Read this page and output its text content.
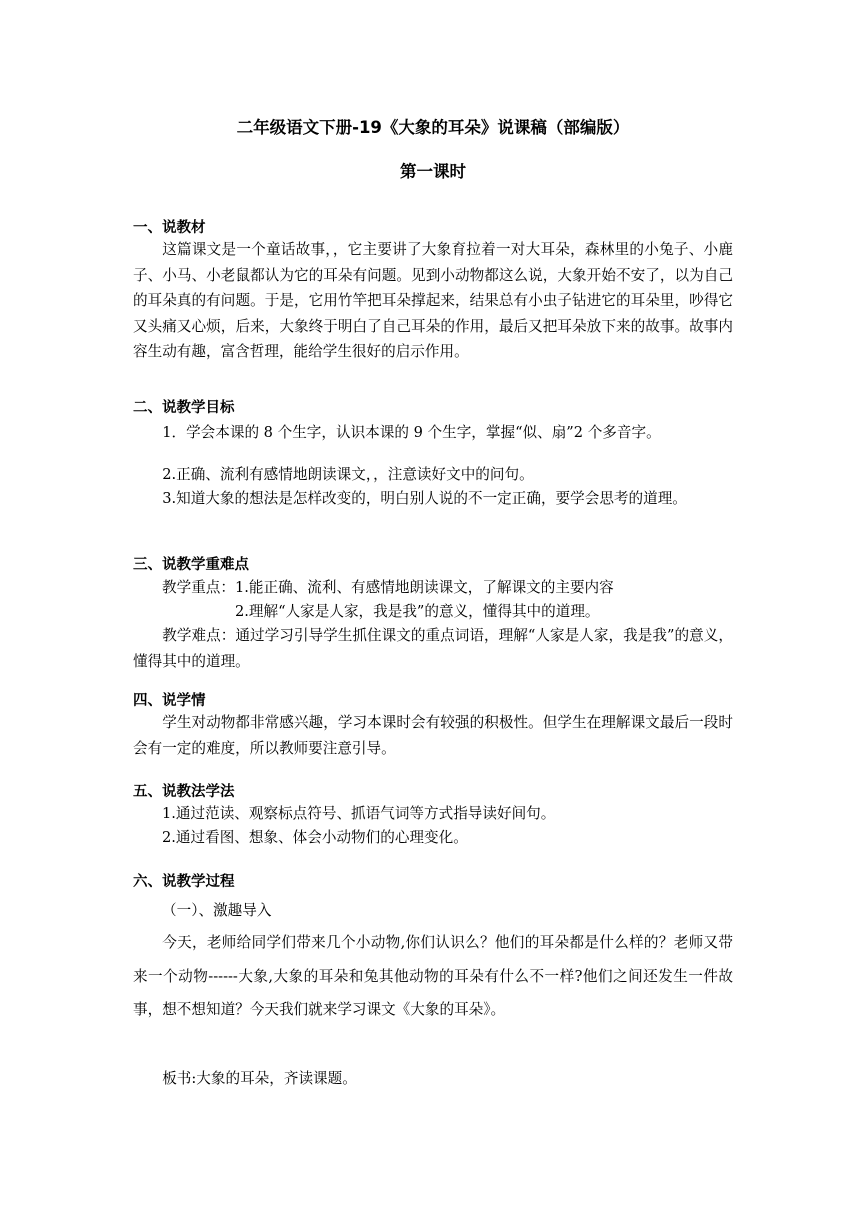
二年级语文下册-19《大象的耳朵》说课稿（部编版）
第一课时
一、说教材

这篇课文是一个童话故事，，它主要讲了大象育拉着一对大耳朵，森林里的小兔子、小鹿子、小马、小老鼠都认为它的耳朵有问题。见到小动物都这么说，大象开始不安了，以为自己的耳朵真的有问题。于是，它用竹竿把耳朵撑起来，结果总有小虫子钻进它的耳朵里，吵得它又头痛又心烦，后来，大象终于明白了自己耳朵的作用，最后又把耳朵放下来的故事。故事内容生动有趣，富含哲理，能给学生很好的启示作用。

二、说教学目标

1．学会本课的 8 个生字，认识本课的 9 个生字，掌握“似、扇”2 个多音字。

2.正确、流利有感情地朗读课文，，注意读好文中的问句。

3.知道大象的想法是怎样改变的，明白别人说的不一定正确，要学会思考的道理。

三、说教学重难点
教学重点：1.能正确、流利、有感情地朗读课文，了解课文的主要内容
2.理解“人家是人家，我是我”的意义，懂得其中的道理。

教学难点：通过学习引导学生抓住课文的重点词语，理解“人家是人家，我是我”的意义，懂得其中的道理。

四、说学情

学生对动物都非常感兴趣，学习本课时会有较强的积极性。但学生在理解课文最后一段时会有一定的难度，所以教师要注意引导。

五、说教法学法
1.通过范读、观察标点符号、抓语气词等方式指导读好间句。
2.通过看图、想象、体会小动物们的心理变化。
六、说教学过程
（一）、激趣导入

今天，老师给同学们带来几个小动物,你们认识么？他们的耳朵都是什么样的？老师又带来一个动物------大象,大象的耳朵和兔其他动物的耳朵有什么不一样?他们之间还发生一件故事，想不想知道？今天我们就来学习课文《大象的耳朵》。

板书:大象的耳朵，齐读课题。
